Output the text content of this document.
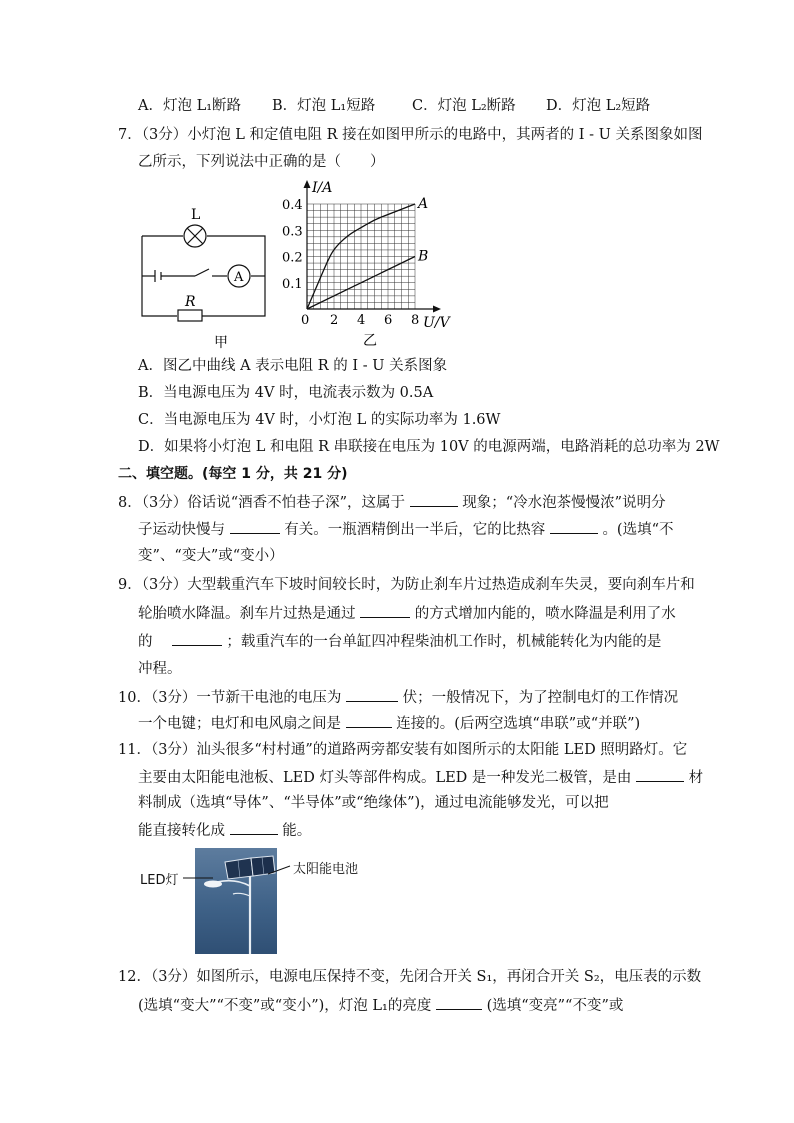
A．灯泡 L₁断路 B．灯泡 L₁短路	C．灯泡 L₂断路 D．灯泡 L₂短路
7．（3分）小灯泡 L 和定值电阻 R 接在如图甲所示的电路中，其两者的 I - U 关系图象如图
乙所示，下列说法中正确的是（　　）
L
A
R
甲
2 4 6 8
0.1
0.2
0.3
0.4	A
B
I/A
U/V
0
乙
A．图乙中曲线 A 表示电阻 R 的 I - U 关系图象
B．当电源电压为 4V 时，电流表示数为 0.5A
C．当电源电压为 4V 时，小灯泡 L 的实际功率为 1.6W
D．如果将小灯泡 L 和电阻 R 串联接在电压为 10V 的电源两端，电路消耗的总功率为 2W
二、填空题。(每空 1 分，共 21 分)
8．（3分）俗话说“酒香不怕巷子深”，这属于	现象；“冷水泡茶慢慢浓”说明分
子运动快慢与	有关。一瓶酒精倒出一半后，它的比热容	。(选填“不
变”、“变大”或“变小）
9．（3分）大型载重汽车下坡时间较长时，为防止刹车片过热造成刹车失灵，要向刹车片和
轮胎喷水降温。刹车片过热是通过	的方式增加内能的，喷水降温是利用了水
的	；载重汽车的一台单缸四冲程柴油机工作时，机械能转化为内能的是
冲程。
10．（3分）一节新干电池的电压为	伏；一般情况下，为了控制电灯的工作情况
一个电键；电灯和电风扇之间是	连接的。(后两空选填“串联”或“并联”)
11．（3分）汕头很多“村村通”的道路两旁都安装有如图所示的太阳能 LED 照明路灯。它
主要由太阳能电池板、LED 灯头等部件构成。LED 是一种发光二极管，是由	材
料制成（选填“导体”、“半导体”或“绝缘体”)，通过电流能够发光，可以把
能直接转化成	能。
LED灯
太阳能电池
12．（3分）如图所示，电源电压保持不变，先闭合开关 S₁，再闭合开关 S₂，电压表的示数
(选填“变大”“不变”或“变小”)，灯泡 L₁的亮度	(选填“变亮”“不变”或
